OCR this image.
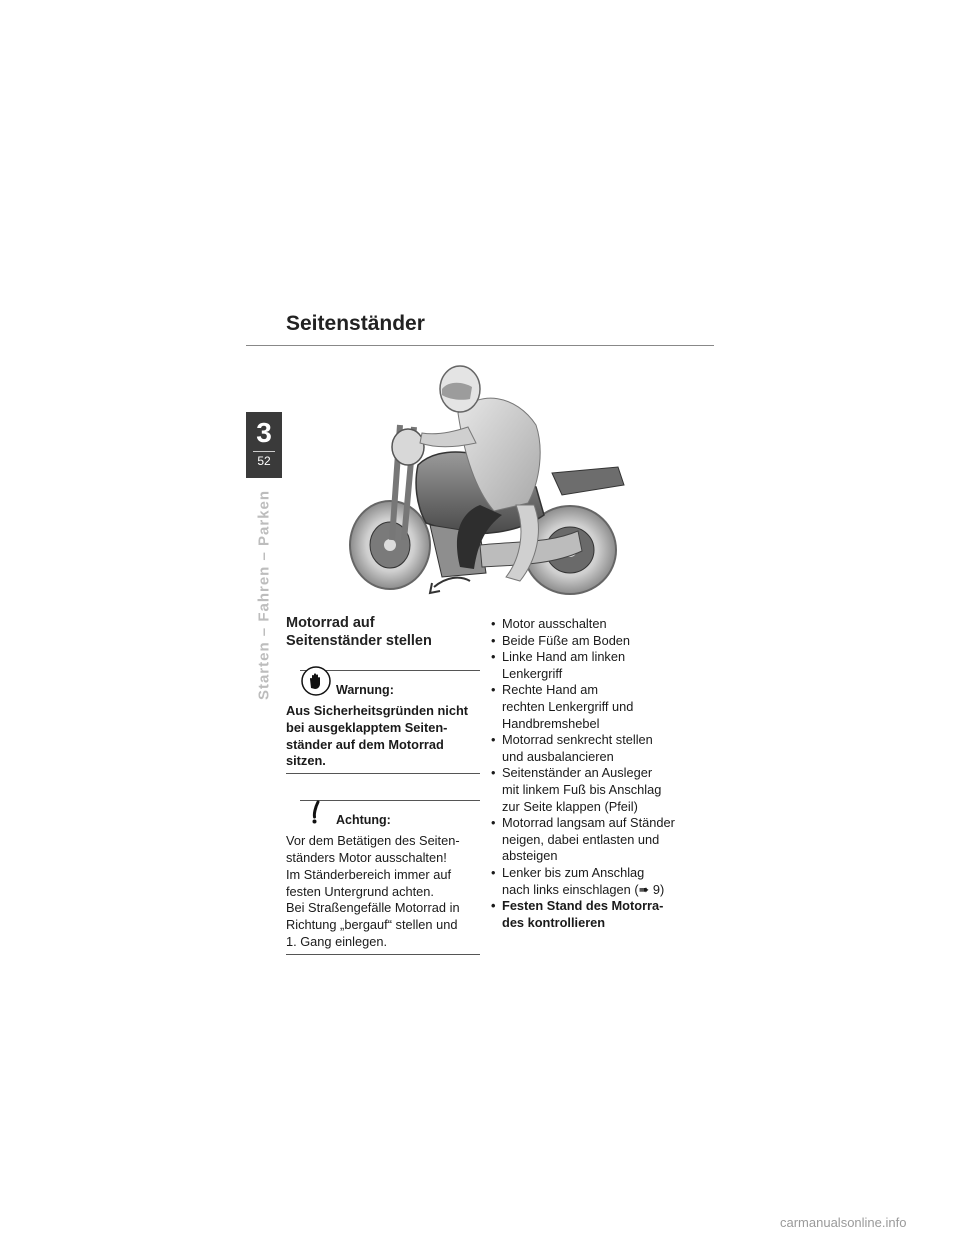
Seitenständer
3
52
Starten – Fahren – Parken Motorrad auf
Seitenständer stellen
Warnung:
Aus Sicherheitsgründen nicht
bei ausgeklapptem Seiten-
ständer auf dem Motorrad
sitzen.
Achtung:
Vor dem Betätigen des Seiten-
ständers Motor ausschalten!
Im Ständerbereich immer auf
festen Untergrund achten.
Bei Straßengefälle Motorrad in
Richtung „bergauf“ stellen und
1. Gang einlegen.
• Motor ausschalten
• Beide Füße am Boden
• Linke Hand am linken
Lenkergriff
• Rechte Hand am
rechten Lenkergriff und
Handbremshebel
• Motorrad senkrecht stellen
und ausbalancieren
• Seitenständer an Ausleger
mit linkem Fuß bis Anschlag
zur Seite klappen (Pfeil)
• Motorrad langsam auf Ständer
neigen, dabei entlasten und
absteigen
• Lenker bis zum Anschlag
nach links einschlagen (➠ 9)
• Festen Stand des Motorra-
des kontrollieren
carmanualsonline.info
